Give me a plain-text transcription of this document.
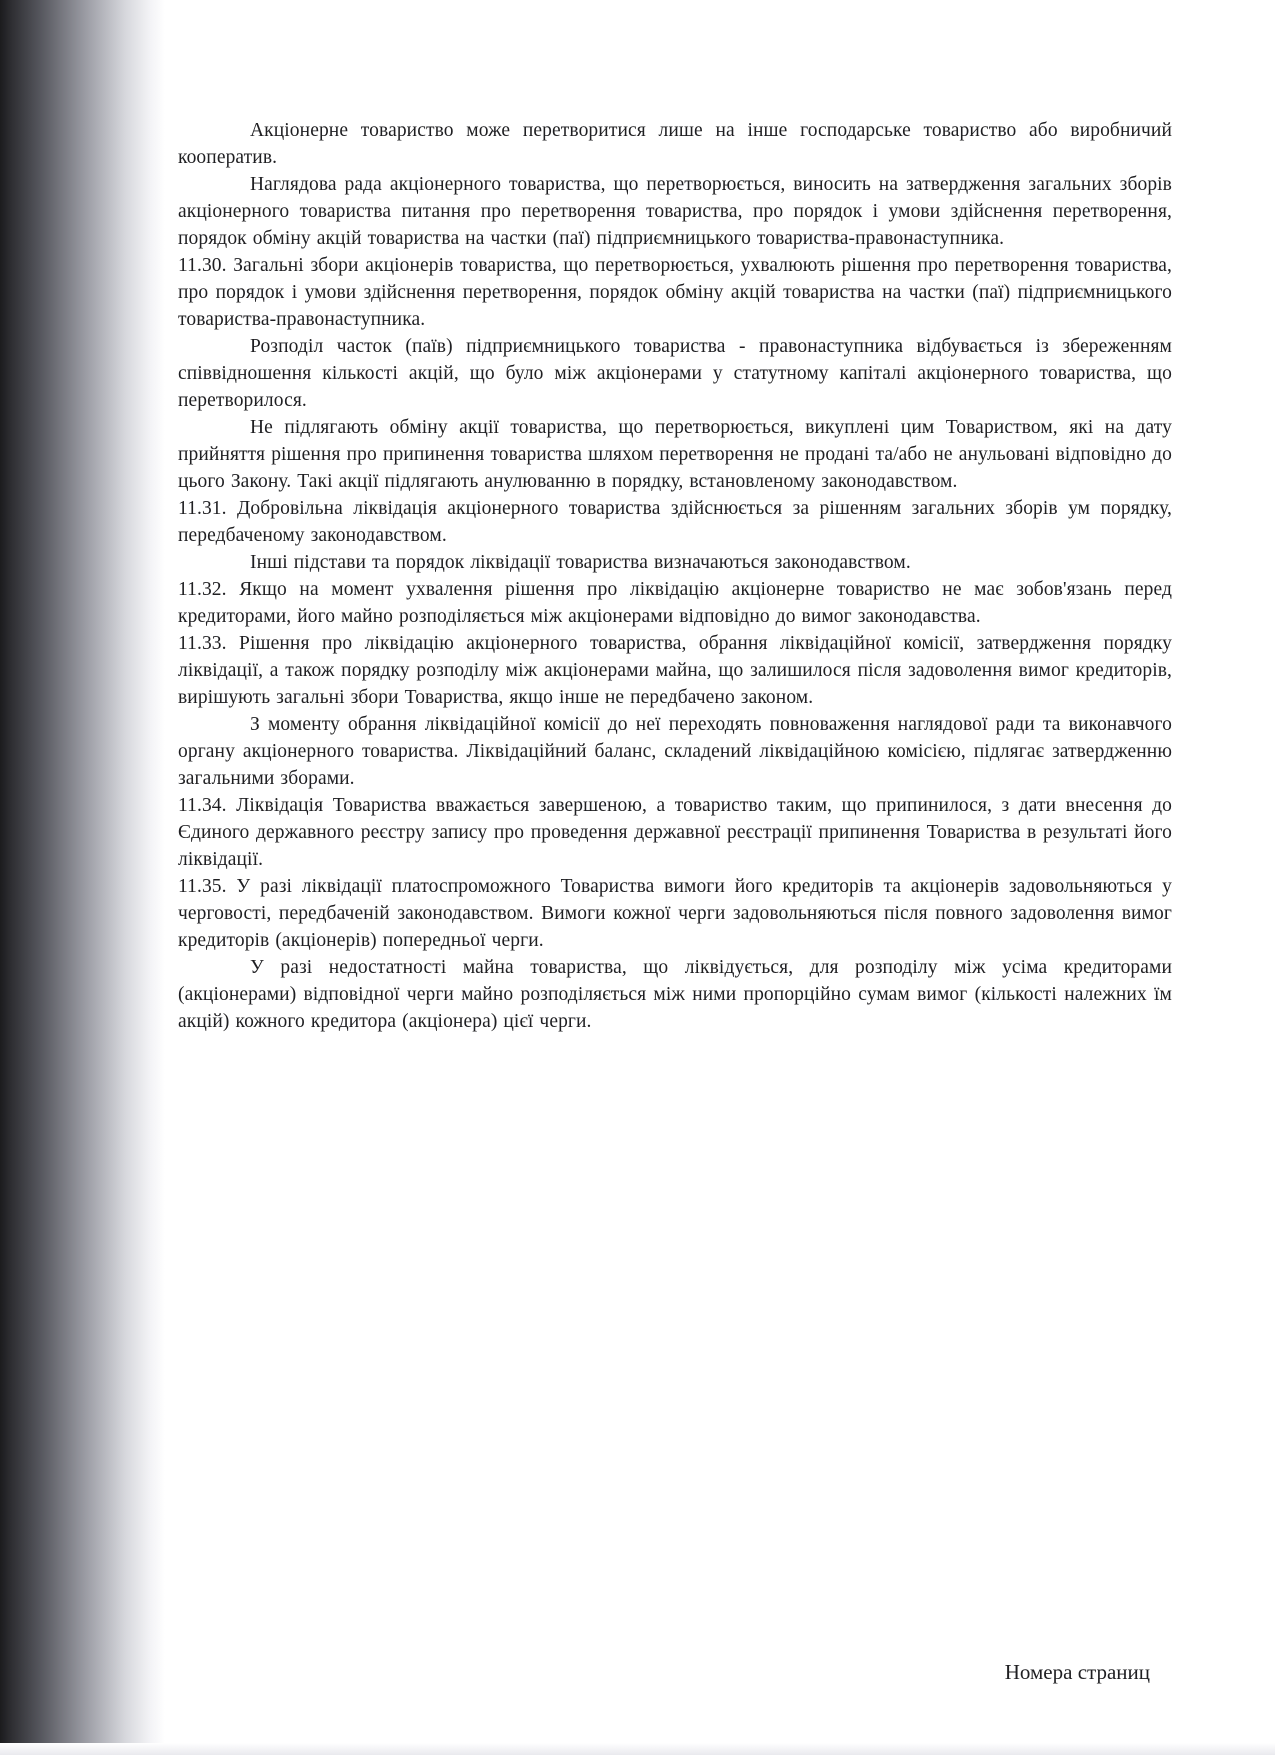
Акціонерне товариство може перетворитися лише на інше господарське товариство або виробничий кооператив.

Наглядова рада акціонерного товариства, що перетворюється, виносить на затвердження загальних зборів акціонерного товариства питання про перетворення товариства, про порядок і умови здійснення перетворення, порядок обміну акцій товариства на частки (паї) підприємницького товариства-правонаступника.

11.30. Загальні збори акціонерів товариства, що перетворюється, ухвалюють рішення про перетворення товариства, про порядок і умови здійснення перетворення, порядок обміну акцій товариства на частки (паї) підприємницького товариства-правонаступника.

Розподіл часток (паїв) підприємницького товариства - правонаступника відбувається із збереженням співвідношення кількості акцій, що було між акціонерами у статутному капіталі акціонерного товариства, що перетворилося.

Не підлягають обміну акції товариства, що перетворюється, викуплені цим Товариством, які на дату прийняття рішення про припинення товариства шляхом перетворення не продані та/або не анульовані відповідно до цього Закону. Такі акції підлягають анулюванню в порядку, встановленому законодавством.

11.31. Добровільна ліквідація акціонерного товариства здійснюється за рішенням загальних зборів ум порядку, передбаченому законодавством.

Інші підстави та порядок ліквідації товариства визначаються законодавством.

11.32. Якщо на момент ухвалення рішення про ліквідацію акціонерне товариство не має зобов'язань перед кредиторами, його майно розподіляється між акціонерами відповідно до вимог законодавства.

11.33. Рішення про ліквідацію акціонерного товариства, обрання ліквідаційної комісії, затвердження порядку ліквідації, а також порядку розподілу між акціонерами майна, що залишилося після задоволення вимог кредиторів, вирішують загальні збори Товариства, якщо інше не передбачено законом.

З моменту обрання ліквідаційної комісії до неї переходять повноваження наглядової ради та виконавчого органу акціонерного товариства. Ліквідаційний баланс, складений ліквідаційною комісією, підлягає затвердженню загальними зборами.

11.34. Ліквідація Товариства вважається завершеною, а товариство таким, що припинилося, з дати внесення до Єдиного державного реєстру запису про проведення державної реєстрації припинення Товариства в результаті його ліквідації.

11.35. У разі ліквідації платоспроможного Товариства вимоги його кредиторів та акціонерів задовольняються у черговості, передбаченій законодавством. Вимоги кожної черги задовольняються після повного задоволення вимог кредиторів (акціонерів) попередньої черги.

У разі недостатності майна товариства, що ліквідується, для розподілу між усіма кредиторами (акціонерами) відповідної черги майно розподіляється між ними пропорційно сумам вимог (кількості належних їм акцій) кожного кредитора (акціонера) цієї черги.

Номера страниц
